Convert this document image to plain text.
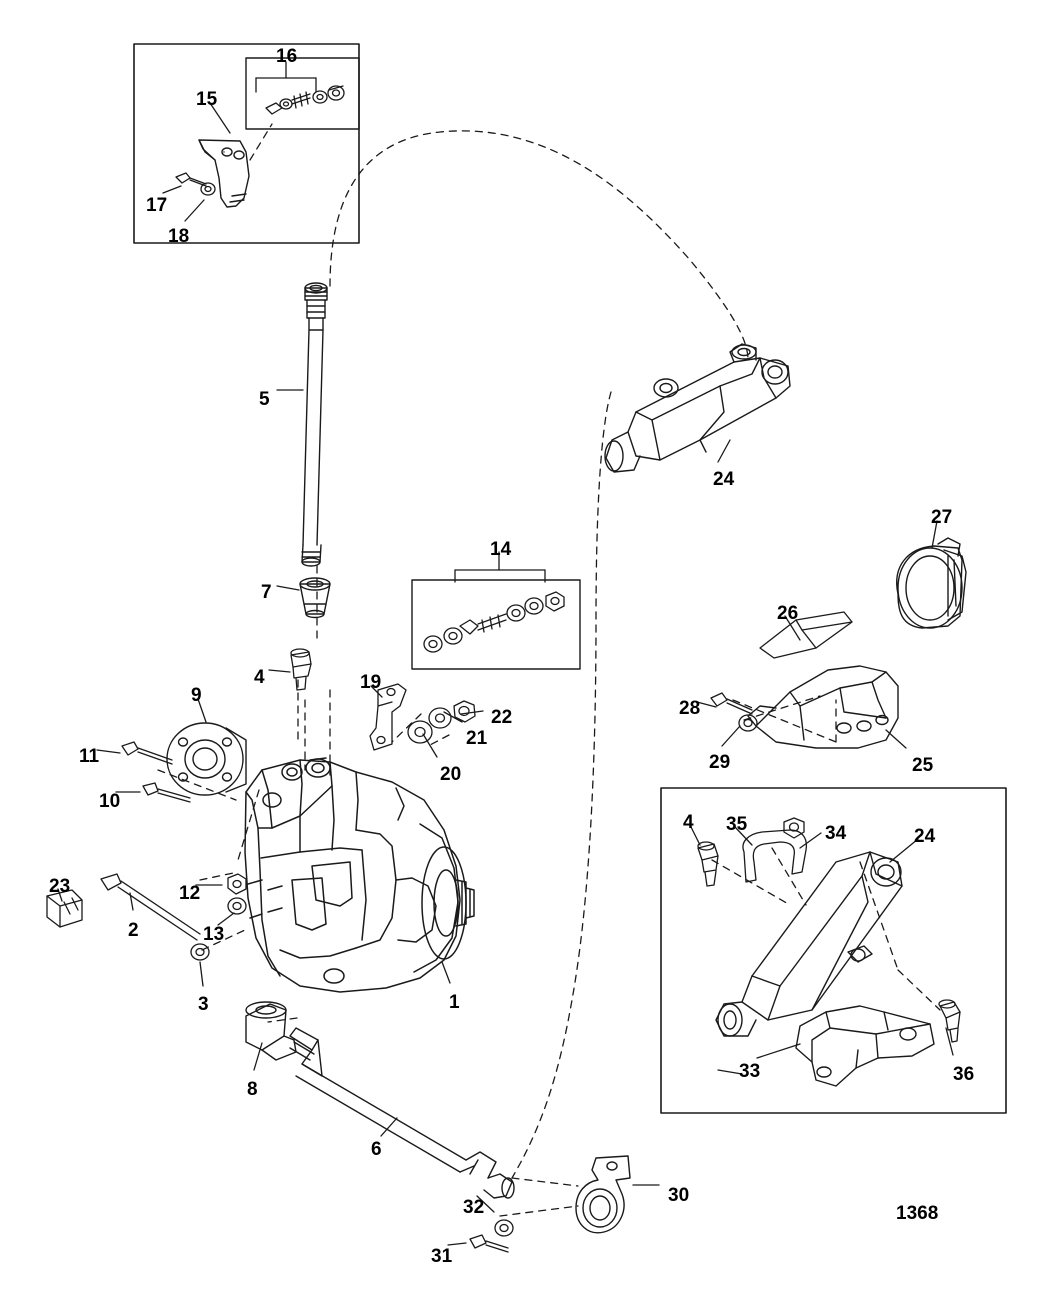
16
15
17
18
5
24
27
14
26
7
28
4	19
22
9
21
29	25
11
20
10
4 35	34	24
23	12
2	13
3	1
33	36
8
6
30
32
31
1368
